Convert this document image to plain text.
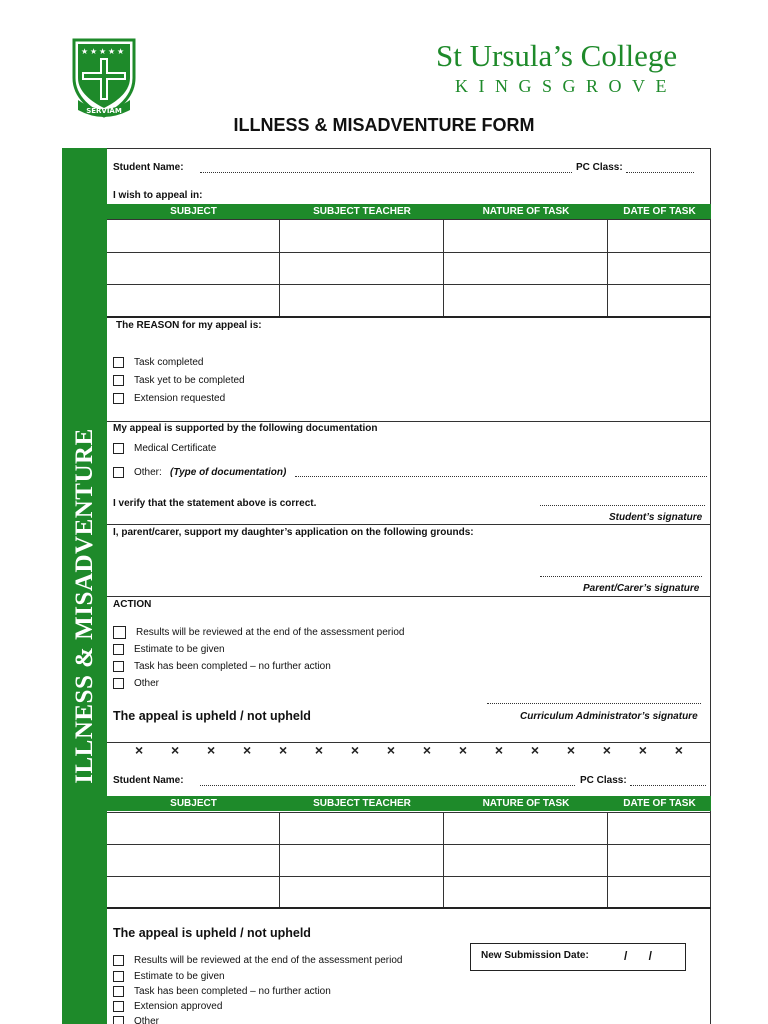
★ ★ ★ ★ ★
SERVIAM
St Ursula’s College
KINGSGROVE
ILLNESS & MISADVENTURE FORM
ILLNESS & MISADVENTURE
Student Name:	PC Class:
I wish to appeal in:
SUBJECT	SUBJECT TEACHER	NATURE OF TASK	DATE OF TASK
The REASON for my appeal is:
Task completed
Task yet to be completed
Extension requested
My appeal is supported by the following documentation
Medical Certificate
Other: (Type of documentation)
I verify that the statement above is correct.
Student’s signature
I, parent/carer, support my daughter’s application on the following grounds:
Parent/Carer’s signature
ACTION
Results will be reviewed at the end of the assessment period
Estimate to be given
Task has been completed – no further action
Other
The appeal is upheld / not upheld	Curriculum Administrator’s signature
× × × × × × × × × × × × × × × ×
Student Name:	PC Class:
SUBJECT	SUBJECT TEACHER	NATURE OF TASK	DATE OF TASK
The appeal is upheld / not upheld
New Submission Date:	/ /
Results will be reviewed at the end of the assessment period
Estimate to be given
Task has been completed – no further action
Extension approved
Other
